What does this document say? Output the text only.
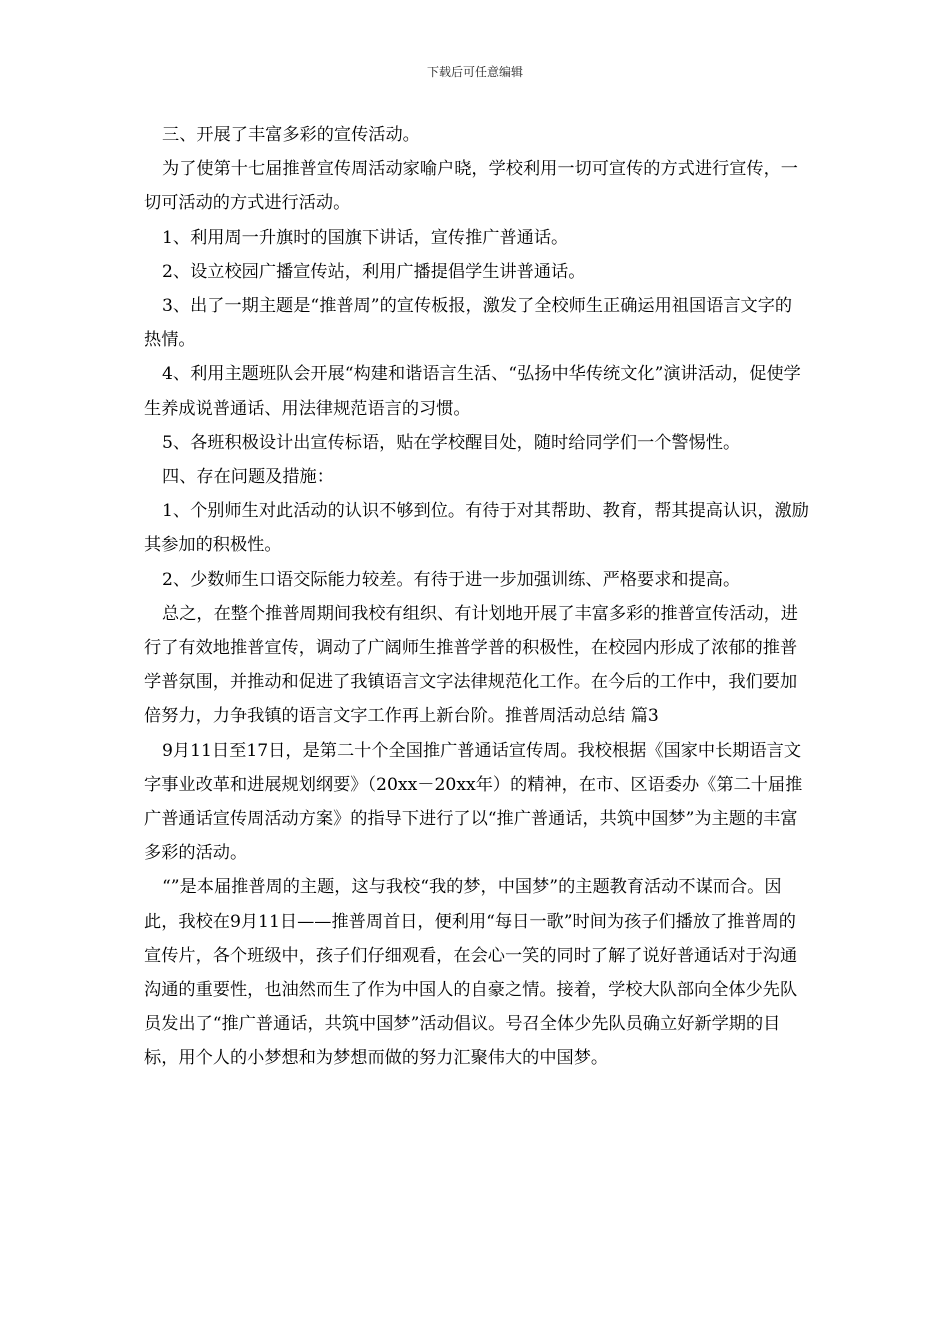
下载后可任意编辑

三、开展了丰富多彩的宣传活动。

为了使第十七届推普宣传周活动家喻户晓，学校利用一切可宣传的方式进行宣传，一切可活动的方式进行活动。

1、利用周一升旗时的国旗下讲话，宣传推广普通话。

2、设立校园广播宣传站，利用广播提倡学生讲普通话。

3、出了一期主题是“推普周”的宣传板报，激发了全校师生正确运用祖国语言文字的热情。

4、利用主题班队会开展“构建和谐语言生活、“弘扬中华传统文化”演讲活动，促使学生养成说普通话、用法律规范语言的习惯。

5、各班积极设计出宣传标语，贴在学校醒目处，随时给同学们一个警惕性。

四、存在问题及措施：

1、个别师生对此活动的认识不够到位。有待于对其帮助、教育，帮其提高认识，激励其参加的积极性。

2、少数师生口语交际能力较差。有待于进一步加强训练、严格要求和提高。

总之，在整个推普周期间我校有组织、有计划地开展了丰富多彩的推普宣传活动，进行了有效地推普宣传，调动了广阔师生推普学普的积极性，在校园内形成了浓郁的推普学普氛围，并推动和促进了我镇语言文字法律规范化工作。在今后的工作中，我们要加倍努力，力争我镇的语言文字工作再上新台阶。推普周活动总结 篇3

9月11日至17日，是第二十个全国推广普通话宣传周。我校根据《国家中长期语言文字事业改革和进展规划纲要》（20xx－20xx年）的精神，在市、区语委办《第二十届推广普通话宣传周活动方案》的指导下进行了以“推广普通话，共筑中国梦”为主题的丰富多彩的活动。

“”是本届推普周的主题，这与我校“我的梦，中国梦”的主题教育活动不谋而合。因此，我校在9月11日——推普周首日，便利用“每日一歌”时间为孩子们播放了推普周的宣传片，各个班级中，孩子们仔细观看，在会心一笑的同时了解了说好普通话对于沟通沟通的重要性，也油然而生了作为中国人的自豪之情。接着，学校大队部向全体少先队员发出了“推广普通话，共筑中国梦”活动倡议。号召全体少先队员确立好新学期的目标，用个人的小梦想和为梦想而做的努力汇聚伟大的中国梦。
